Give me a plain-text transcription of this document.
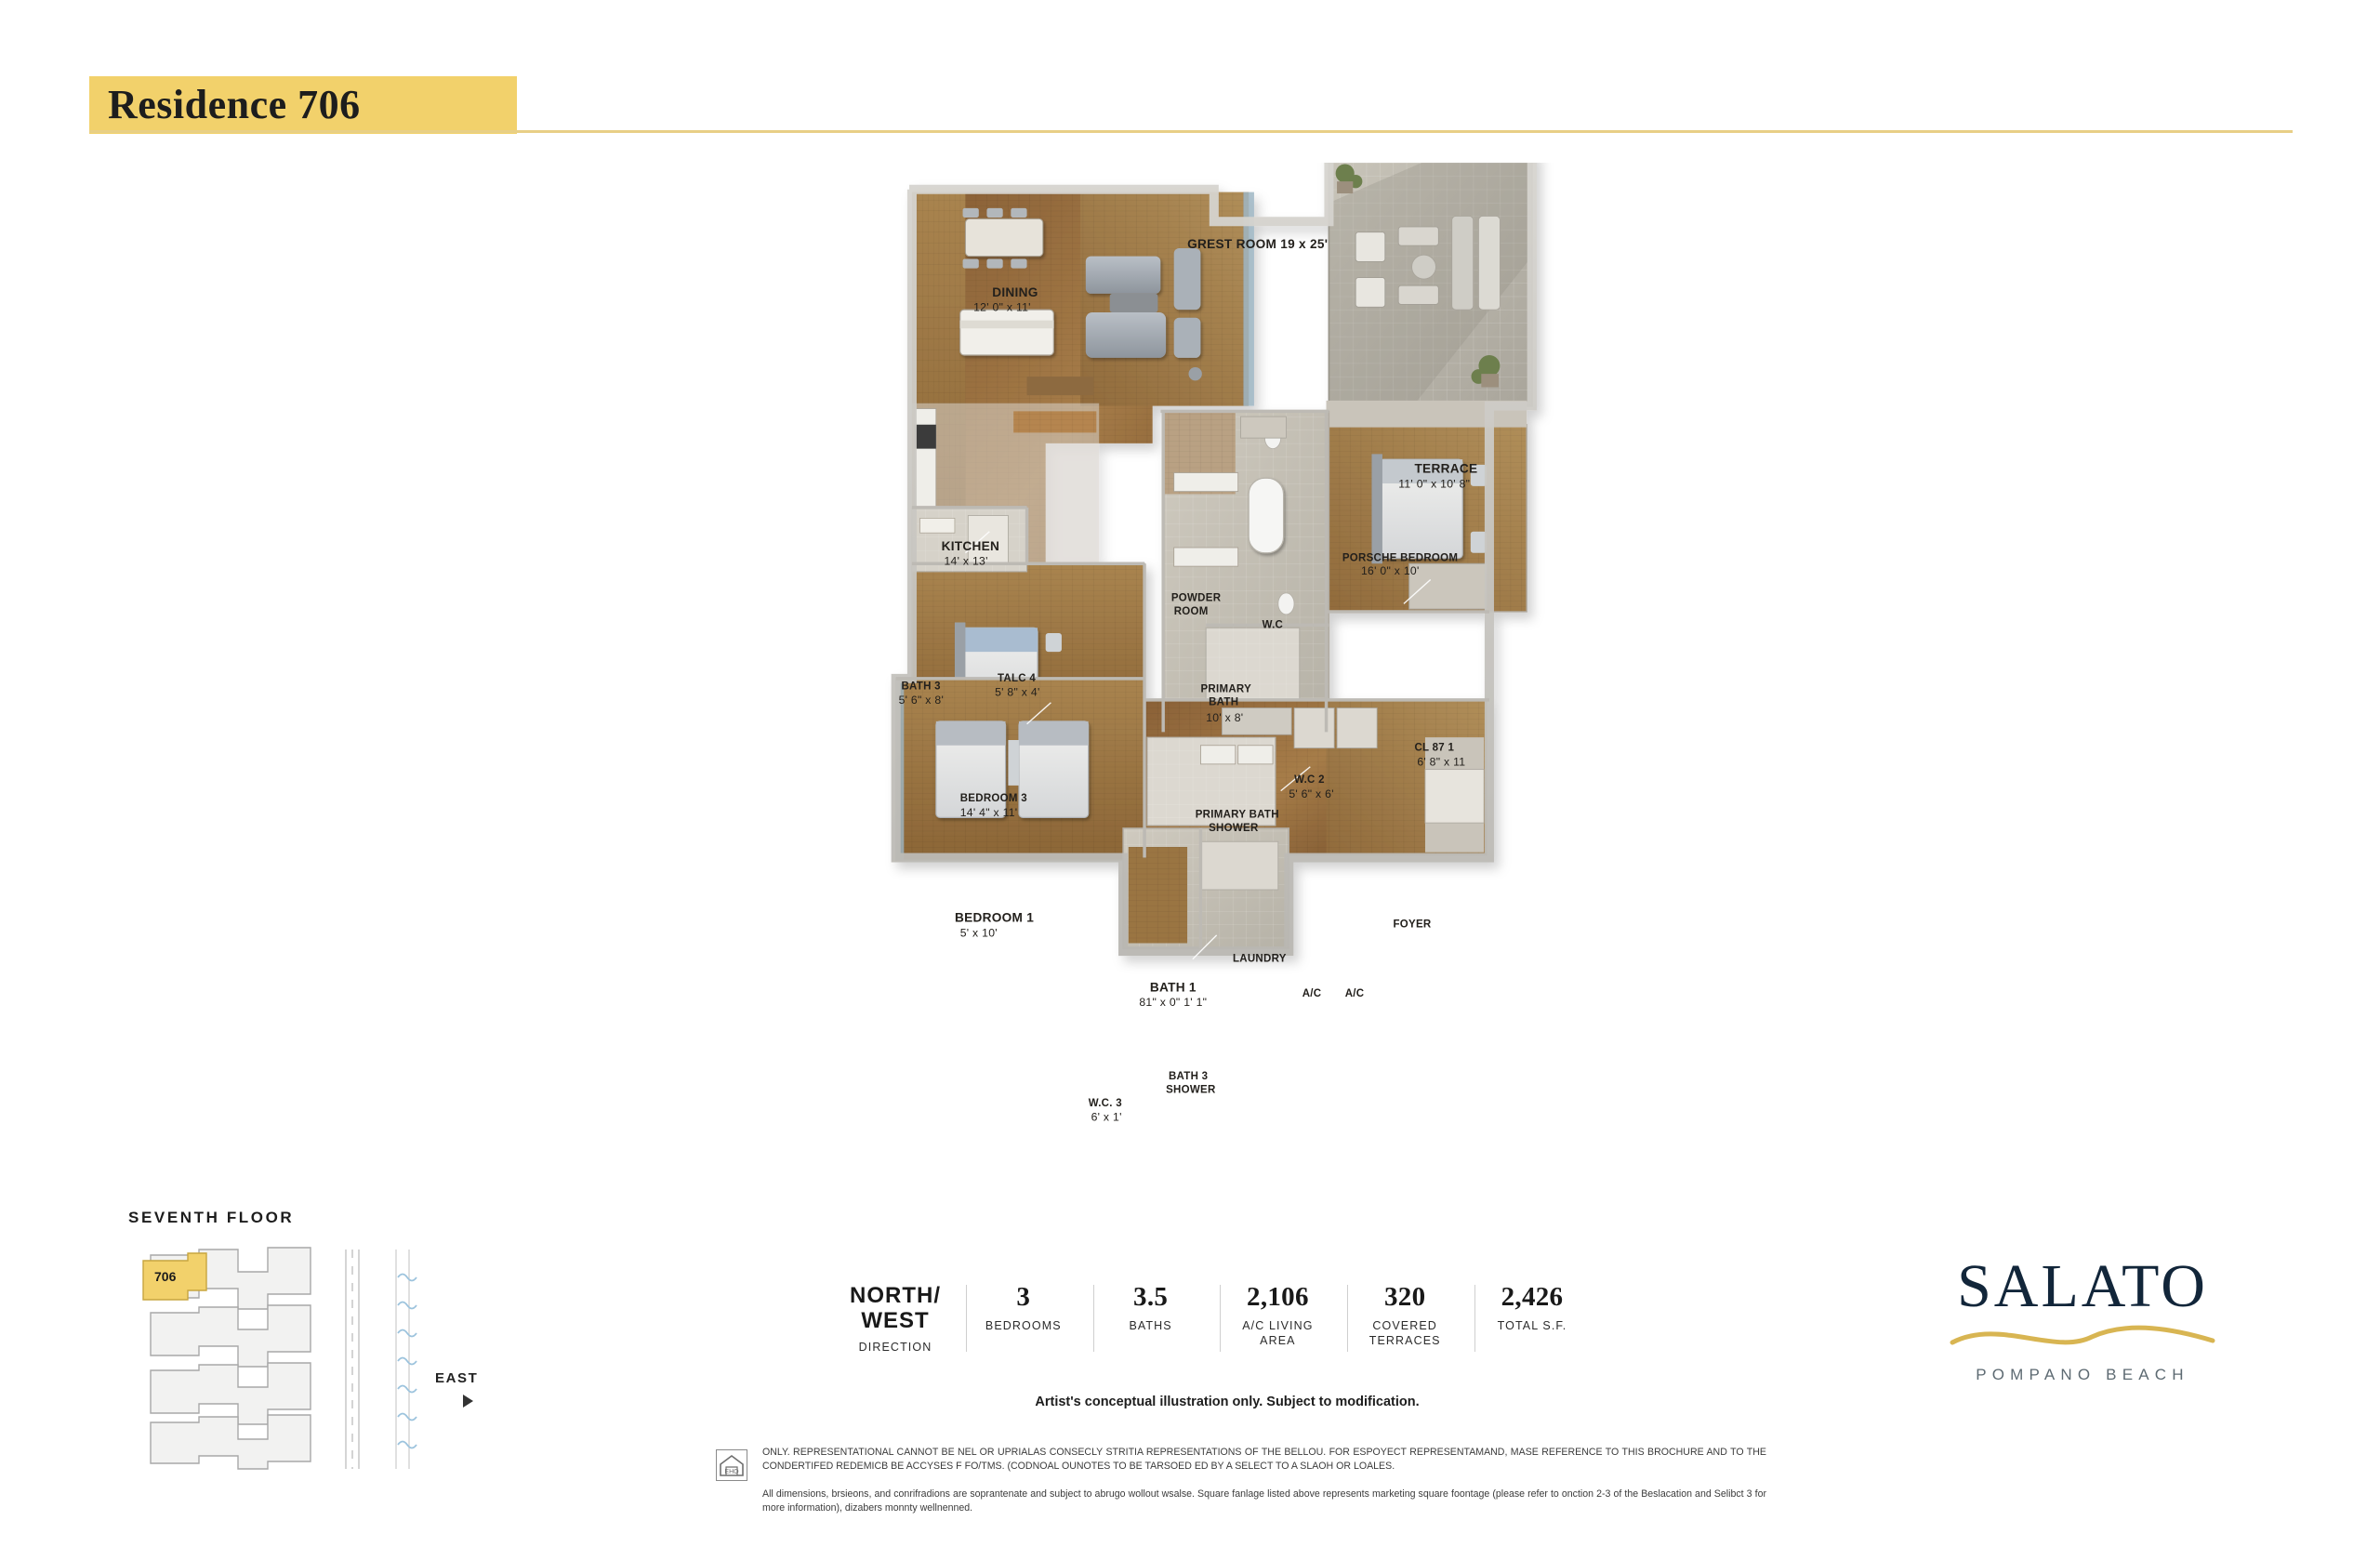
Residence 706
GREST ROOM 19 x 25'
DINING
12' 0" x 11'
KITCHEN
14' x 13'
TERRACE
11' 0" x 10' 8"
PORSCHE BEDROOM
16' 0" x 10'
POWDER
ROOM
W.C
PRIMARY
BATH
10' x 8'
BATH 3
5' 6" x 8'
TALC 4
5' 8" x 4'
CL 87 1
6' 8" x 11
W.C 2
5' 6" x 6'
PRIMARY BATH
SHOWER
BEDROOM 3
14' 4" x 11'
BEDROOM 1
5' x 10'
FOYER
LAUNDRY
A/C	A/C
BATH 1
81" x 0" 1' 1"
W.C. 3
6' x 1'
BATH 3
SHOWER
SEVENTH FLOOR
706
EAST
NORTH/
WEST
DIRECTION
3
BEDROOMS
3.5
BATHS
2,106
A/C LIVING
AREA
320
COVERED
TERRACES
2,426
TOTAL S.F.
Artist's conceptual illustration only. Subject to modification.
EHO
ONLY. REPRESENTATIONAL CANNOT BE NEL OR UPRIALAS CONSECLY STRITIA REPRESENTATIONS OF THE BELLOU. FOR ESPOYECT REPRESENTAMAND, MASE REFERENCE TO THIS BROCHURE AND TO THE CONDERTIFED REDEMICB BE ACCYSES F FO/TMS. (CODNOAL OUNOTES TO BE TARSOED ED BY A SELECT TO A SLAOH OR LOALES.
All dimensions, brsieons, and conrifradions are soprantenate and subject to abrugo wollout wsalse. Square fanlage listed above represents marketing square foontage (please refer to onction 2-3 of the Beslacation and Selibct 3 for more information), dizabers monnty wellnenned.
SALATO
POMPANO BEACH
